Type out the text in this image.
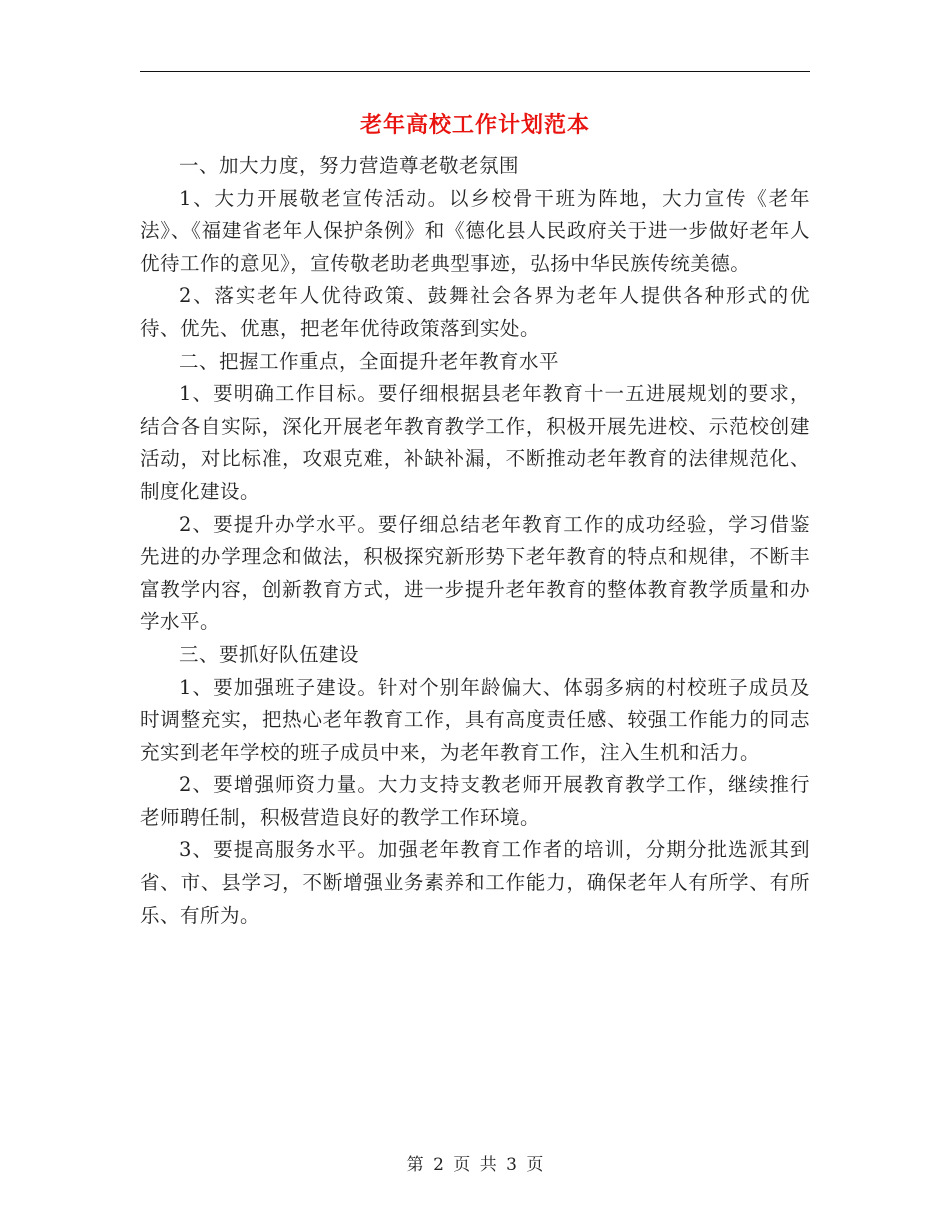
老年高校工作计划范本

一、加大力度，努力营造尊老敬老氛围

1、大力开展敬老宣传活动。以乡校骨干班为阵地，大力宣传《老年法》、《福建省老年人保护条例》和《德化县人民政府关于进一步做好老年人优待工作的意见》，宣传敬老助老典型事迹，弘扬中华民族传统美德。

2、落实老年人优待政策、鼓舞社会各界为老年人提供各种形式的优待、优先、优惠，把老年优待政策落到实处。

二、把握工作重点，全面提升老年教育水平

1、要明确工作目标。要仔细根据县老年教育十一五进展规划的要求，结合各自实际，深化开展老年教育教学工作，积极开展先进校、示范校创建活动，对比标准，攻艰克难，补缺补漏，不断推动老年教育的法律规范化、制度化建设。

2、要提升办学水平。要仔细总结老年教育工作的成功经验，学习借鉴先进的办学理念和做法，积极探究新形势下老年教育的特点和规律，不断丰富教学内容，创新教育方式，进一步提升老年教育的整体教育教学质量和办学水平。

三、要抓好队伍建设

1、要加强班子建设。针对个别年龄偏大、体弱多病的村校班子成员及时调整充实，把热心老年教育工作，具有高度责任感、较强工作能力的同志充实到老年学校的班子成员中来，为老年教育工作，注入生机和活力。

2、要增强师资力量。大力支持支教老师开展教育教学工作，继续推行老师聘任制，积极营造良好的教学工作环境。

3、要提高服务水平。加强老年教育工作者的培训，分期分批选派其到省、市、县学习，不断增强业务素养和工作能力，确保老年人有所学、有所乐、有所为。

第 2 页 共 3 页
